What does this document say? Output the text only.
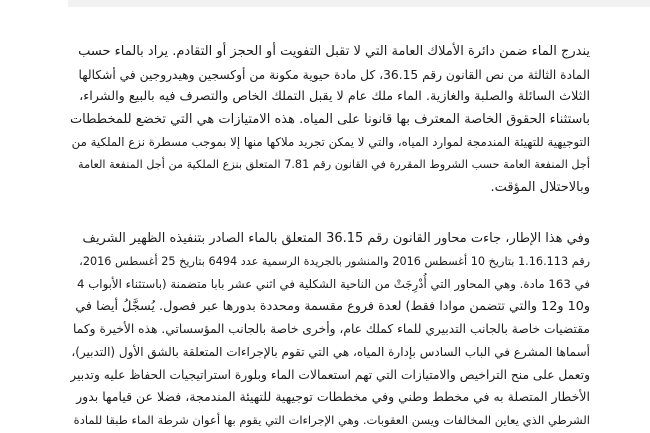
يندرج الماء ضمن دائرة الأملاك العامة التي لا تقبل التفويت أو الحجز أو التقادم. يراد بالماء حسب
المادة الثالثة من نص القانون رقم 36.15، كل مادة حيوية مكونة من أوكسجين وهيدروجين في أشكالها
الثلاث السائلة والصلبة والغازية. الماء ملك عام لا يقبل التملك الخاص والتصرف فيه بالبيع والشراء،
باستثناء الحقوق الخاصة المعترف بها قانونا على المياه. هذه الامتيازات هي التي تخضع للمخططات
التوجيهية للتهيئة المندمجة لموارد المياه، والتي لا يمكن تجريد ملاكها منها إلا بموجب مسطرة نزع الملكية من
أجل المنفعة العامة حسب الشروط المقررة في القانون رقم 7.81 المتعلق بنزع الملكية من أجل المنفعة العامة
وبالاحتلال المؤقت.

وفي هذا الإطار، جاءت محاور القانون رقم 36.15 المتعلق بالماء الصادر بتنفيذه الظهير الشريف
رقم 1.16.113 بتاريخ 10 أغسطس 2016 والمنشور بالجريدة الرسمية عدد 6494 بتاريخ 25 أغسطس 2016،
في 163 مادة. وهي المحاور التي أُدْرِجَتْ من الناحية الشكلية في اثني عشر بابا متضمنة (باستثناء الأبواب 4
و10 و12 والتي تتضمن موادا فقط) لعدة فروع مقسمة ومحددة بدورها عبر فصول. يُسجَّلُ أيضا في
مقتضيات خاصة بالجانب التدبيري للماء كملك عام، وأخرى خاصة بالجانب المؤسساتي. هذه الأخيرة وكما
أسماها المشرع في الباب السادس بإدارة المياه، هي التي تقوم بالإجراءات المتعلقة بالشق الأول (التدبير)،
وتعمل على منح التراخيص والامتيازات التي تهم استعمالات الماء وبلورة استراتيجيات الحفاظ عليه وتدبير
الأخطار المتصلة به في مخطط وطني وفي مخططات توجيهية للتهيئة المندمجة، فضلا عن قيامها بدور
الشرطي الذي يعاين المخالفات ويسن العقوبات. وهي الإجراءات التي يقوم بها أعوان شرطة الماء طبقا للمادة
